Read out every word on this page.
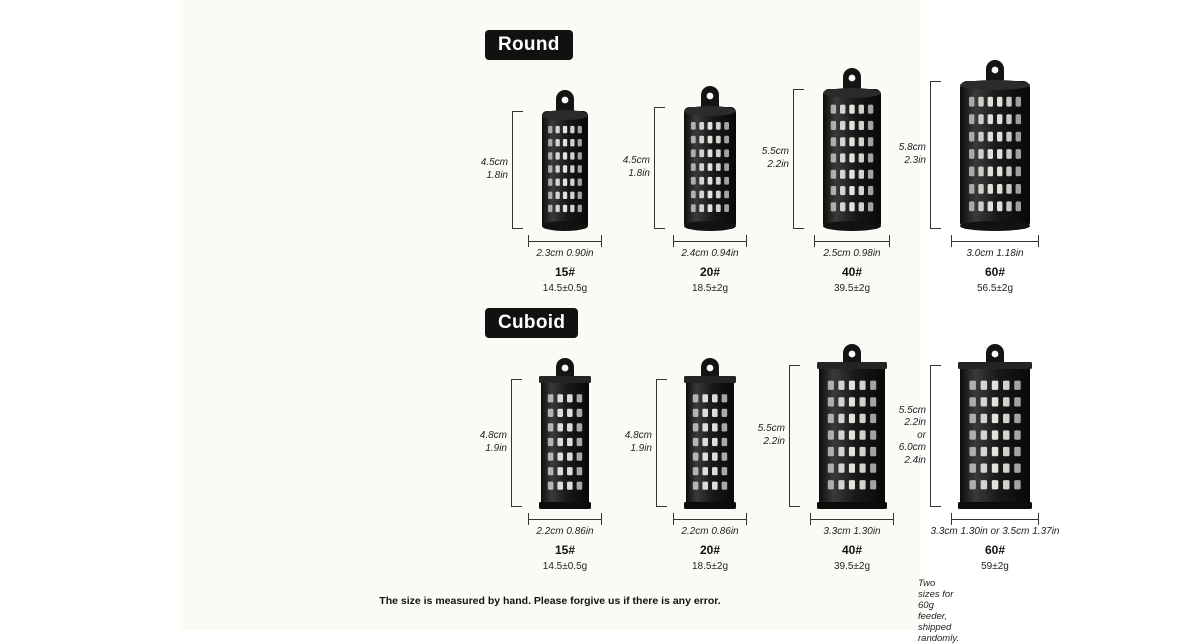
Round
Cuboid
2.3cm 0.90in
15#
14.5±0.5g
4.5cm
1.8in
2.4cm 0.94in
20#
18.5±2g
4.5cm
1.8in
2.5cm 0.98in
40#
39.5±2g
5.5cm
2.2in
3.0cm 1.18in
60#
56.5±2g
5.8cm
2.3in
2.2cm 0.86in
15#
14.5±0.5g
4.8cm
1.9in
2.2cm 0.86in
20#
18.5±2g
4.8cm
1.9in
3.3cm 1.30in
40#
39.5±2g
5.5cm
2.2in
3.3cm 1.30in or 3.5cm 1.37in
60#
59±2g
5.5cm
2.2in
or
6.0cm
2.4in
Two sizes for 60g feeder, shipped randomly.
The size is measured by hand. Please forgive us if there is any error.
